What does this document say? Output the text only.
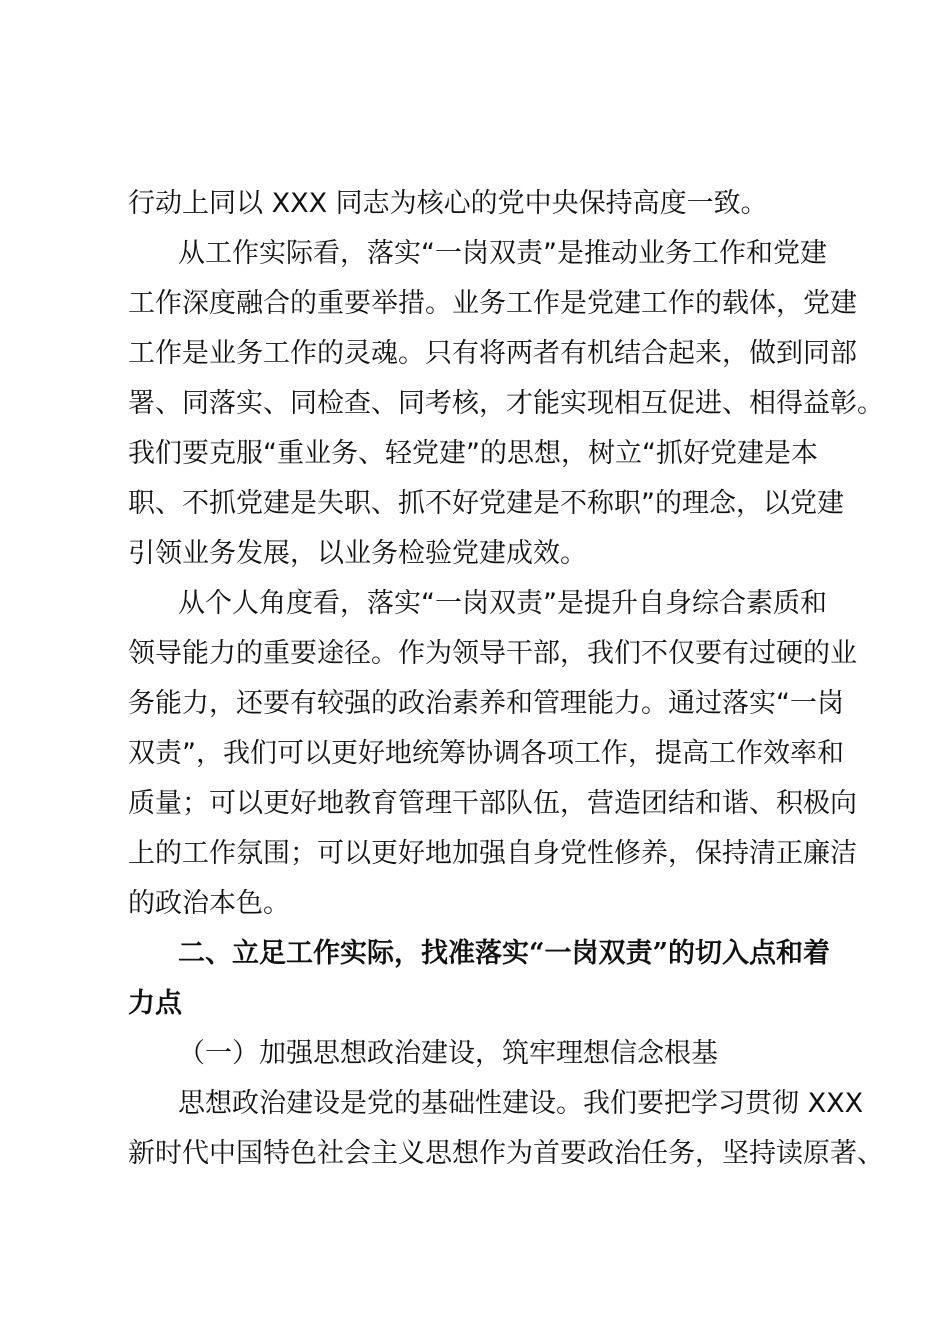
行动上同以 XXX 同志为核心的党中央保持高度一致。

从工作实际看，落实“一岗双责”是推动业务工作和党建

工作深度融合的重要举措。业务工作是党建工作的载体，党建

工作是业务工作的灵魂。只有将两者有机结合起来，做到同部

署、同落实、同检查、同考核，才能实现相互促进、相得益彰。

我们要克服“重业务、轻党建”的思想，树立“抓好党建是本

职、不抓党建是失职、抓不好党建是不称职”的理念，以党建

引领业务发展，以业务检验党建成效。

从个人角度看，落实“一岗双责”是提升自身综合素质和

领导能力的重要途径。作为领导干部，我们不仅要有过硬的业

务能力，还要有较强的政治素养和管理能力。通过落实“一岗

双责”，我们可以更好地统筹协调各项工作，提高工作效率和

质量；可以更好地教育管理干部队伍，营造团结和谐、积极向

上的工作氛围；可以更好地加强自身党性修养，保持清正廉洁

的政治本色。

二、立足工作实际，找准落实“一岗双责”的切入点和着

力点

（一）加强思想政治建设，筑牢理想信念根基

思想政治建设是党的基础性建设。我们要把学习贯彻 XXX

新时代中国特色社会主义思想作为首要政治任务，坚持读原著、
